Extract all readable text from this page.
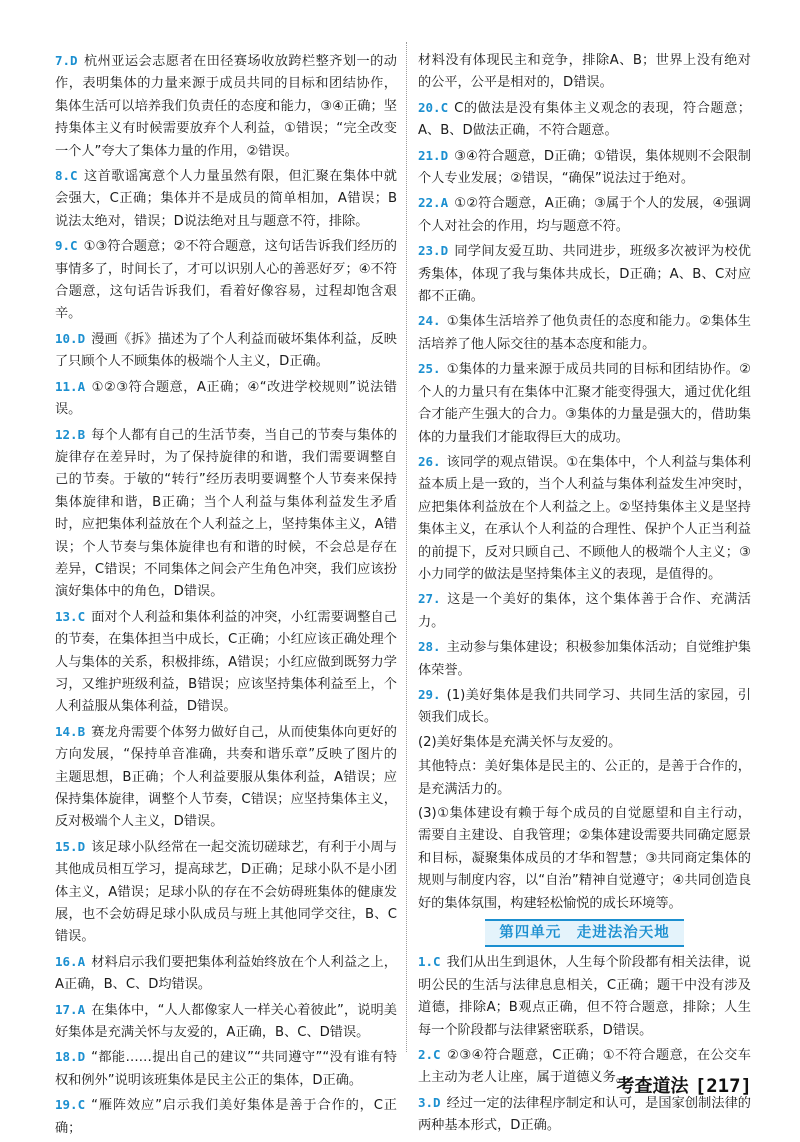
7.D 杭州亚运会志愿者在田径赛场收放跨栏整齐划一的动作，表明集体的力量来源于成员共同的目标和团结协作，集体生活可以培养我们负责任的态度和能力，③④正确；坚持集体主义有时候需要放弃个人利益，①错误；“完全改变一个人”夸大了集体力量的作用，②错误。
8.C 这首歌谣寓意个人力量虽然有限，但汇聚在集体中就会强大，C正确；集体并不是成员的简单相加，A错误；B说法太绝对，错误；D说法绝对且与题意不符，排除。
9.C ①③符合题意；②不符合题意，这句话告诉我们经历的事情多了，时间长了，才可以识别人心的善恶好歹；④不符合题意，这句话告诉我们，看着好像容易，过程却饱含艰辛。
10.D 漫画《拆》描述为了个人利益而破坏集体利益，反映了只顾个人不顾集体的极端个人主义，D正确。
11.A ①②③符合题意，A正确；④“改进学校规则”说法错误。
12.B 每个人都有自己的生活节奏，当自己的节奏与集体的旋律存在差异时，为了保持旋律的和谐，我们需要调整自己的节奏。于敏的“转行”经历表明要调整个人节奏来保持集体旋律和谐，B正确；当个人利益与集体利益发生矛盾时，应把集体利益放在个人利益之上，坚持集体主义，A错误；个人节奏与集体旋律也有和谐的时候，不会总是存在差异，C错误；不同集体之间会产生角色冲突，我们应该扮演好集体中的角色，D错误。
13.C 面对个人利益和集体利益的冲突，小红需要调整自己的节奏，在集体担当中成长，C正确；小红应该正确处理个人与集体的关系，积极排练，A错误；小红应做到既努力学习，又维护班级利益，B错误；应该坚持集体利益至上，个人利益服从集体利益，D错误。
14.B 赛龙舟需要个体努力做好自己，从而使集体向更好的方向发展，“保持单音准确，共奏和谐乐章”反映了图片的主题思想，B正确；个人利益要服从集体利益，A错误；应保持集体旋律，调整个人节奏，C错误；应坚持集体主义，反对极端个人主义，D错误。
15.D 该足球小队经常在一起交流切磋球艺，有利于小周与其他成员相互学习，提高球艺，D正确；足球小队不是小团体主义，A错误；足球小队的存在不会妨碍班集体的健康发展，也不会妨碍足球小队成员与班上其他同学交往，B、C错误。
16.A 材料启示我们要把集体利益始终放在个人利益之上，A正确，B、C、D均错误。
17.A 在集体中，“人人都像家人一样关心着彼此”，说明美好集体是充满关怀与友爱的，A正确，B、C、D错误。
18.D “都能……提出自己的建议”“共同遵守”“没有谁有特权和例外”说明该班集体是民主公正的集体，D正确。
19.C “雁阵效应”启示我们美好集体是善于合作的，C正确；
材料没有体现民主和竞争，排除A、B；世界上没有绝对的公平，公平是相对的，D错误。
20.C C的做法是没有集体主义观念的表现，符合题意；A、B、D做法正确，不符合题意。
21.D ③④符合题意，D正确；①错误，集体规则不会限制个人专业发展；②错误，“确保”说法过于绝对。
22.A ①②符合题意，A正确；③属于个人的发展，④强调个人对社会的作用，均与题意不符。
23.D 同学间友爱互助、共同进步，班级多次被评为校优秀集体，体现了我与集体共成长，D正确；A、B、C对应都不正确。
24. ①集体生活培养了他负责任的态度和能力。②集体生活培养了他人际交往的基本态度和能力。
25. ①集体的力量来源于成员共同的目标和团结协作。②个人的力量只有在集体中汇聚才能变得强大，通过优化组合才能产生强大的合力。③集体的力量是强大的，借助集体的力量我们才能取得巨大的成功。
26. 该同学的观点错误。①在集体中，个人利益与集体利益本质上是一致的，当个人利益与集体利益发生冲突时，应把集体利益放在个人利益之上。②坚持集体主义是坚持集体主义，在承认个人利益的合理性、保护个人正当利益的前提下，反对只顾自己、不顾他人的极端个人主义；③小力同学的做法是坚持集体主义的表现，是值得的。
27. 这是一个美好的集体，这个集体善于合作、充满活力。
28. 主动参与集体建设；积极参加集体活动；自觉维护集体荣誉。
29. (1)美好集体是我们共同学习、共同生活的家园，引领我们成长。
(2)美好集体是充满关怀与友爱的。
其他特点：美好集体是民主的、公正的，是善于合作的，是充满活力的。
(3)①集体建设有赖于每个成员的自觉愿望和自主行动，需要自主建设、自我管理；②集体建设需要共同确定愿景和目标，凝聚集体成员的才华和智慧；③共同商定集体的规则与制度内容，以“自治”精神自觉遵守；④共同创造良好的集体氛围，构建轻松愉悦的成长环境等。
第四单元　走进法治天地
1.C 我们从出生到退休，人生每个阶段都有相关法律，说明公民的生活与法律息息相关，C正确；题干中没有涉及道德，排除A；B观点正确，但不符合题意，排除；人生每一个阶段都与法律紧密联系，D错误。
2.C ②③④符合题意，C正确；①不符合题意，在公交车上主动为老人让座，属于道德义务。
3.D 经过一定的法律程序制定和认可，是国家创制法律的两种基本形式，D正确。
考查道法 [217]
